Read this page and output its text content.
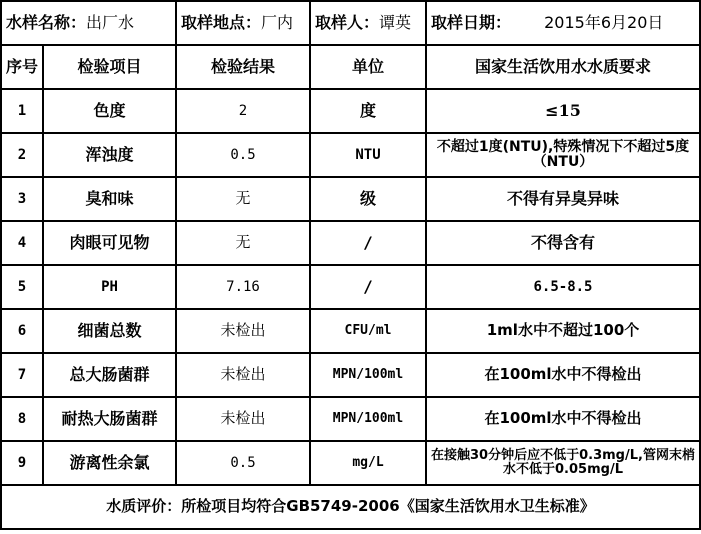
水样名称：出厂水		取样地点：厂内	取样人：谭英	取样日期： 2015年6月20日
序号	检验项目	检验结果	单位	国家生活饮用水水质要求
1	色度	2	度	≤15
2	浑浊度	0.5	NTU	不超过1度(NTU),特殊情况下不超过5度（NTU）
3	臭和味	无	级	不得有异臭异味
4	肉眼可见物	无	/	不得含有
5	PH	7.16	/	6.5-8.5
6	细菌总数	未检出	CFU/ml	1ml水中不超过100个
7	总大肠菌群	未检出	MPN/100ml	在100ml水中不得检出
8	耐热大肠菌群	未检出	MPN/100ml	在100ml水中不得检出
9	游离性余氯	0.5	mg/L	在接触30分钟后应不低于0.3mg/L,管网末梢水不低于0.05mg/L
水质评价：所检项目均符合GB5749-2006《国家生活饮用水卫生标准》				
